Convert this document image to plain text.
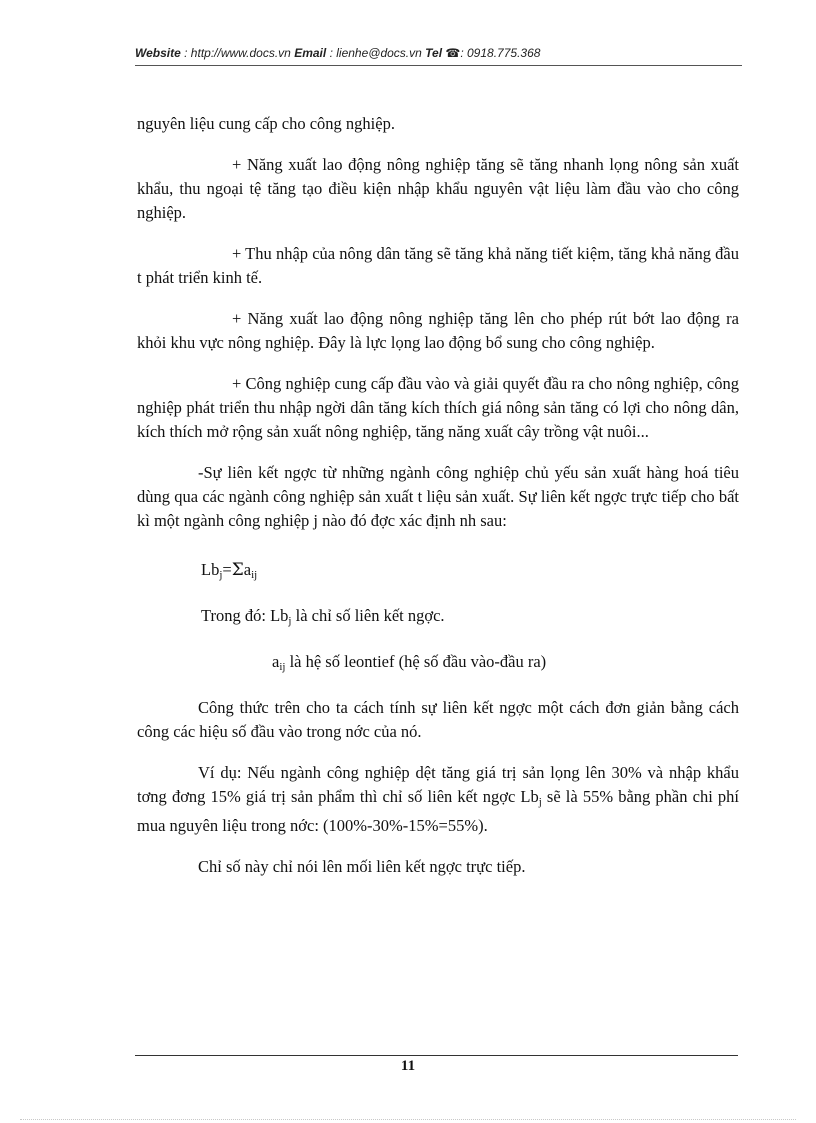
Website : http://www.docs.vn Email : lienhe@docs.vn Tel ☎: 0918.775.368

nguyên liệu cung cấp cho công nghiệp.

+ Năng xuất lao động nông nghiệp tăng sẽ tăng nhanh lọng nông sản xuất khẩu, thu ngoại tệ tăng tạo điều kiện nhập khẩu nguyên vật liệu làm đầu vào cho công nghiệp.

+ Thu nhập của nông dân tăng sẽ tăng khả năng tiết kiệm, tăng khả năng đầu t phát triển kinh tế.

+ Năng xuất lao động nông nghiệp tăng lên cho phép rút bớt lao động ra khỏi khu vực nông nghiệp. Đây là lực lọng lao động bổ sung cho công nghiệp.

+ Công nghiệp cung cấp đầu vào và giải quyết đầu ra cho nông nghiệp, công nghiệp phát triển thu nhập ngời dân tăng kích thích giá nông sản tăng có lợi cho nông dân, kích thích mở rộng sản xuất nông nghiệp, tăng năng xuất cây trồng vật nuôi...

-Sự liên kết ngợc từ những ngành công nghiệp chủ yếu sản xuất hàng hoá tiêu dùng qua các ngành công nghiệp sản xuất t liệu sản xuất. Sự liên kết ngợc trực tiếp cho bất kì một ngành công nghiệp j nào đó đợc xác định nh sau:

$Lb_j=\Sigma a_{ij}$

Trong đó: $Lb_j$ là chỉ số liên kết ngợc.

$a_{ij}$ là hệ số leontief (hệ số đầu vào-đầu ra)

Công thức trên cho ta cách tính sự liên kết ngợc một cách đơn giản bằng cách công các hiệu số đầu vào trong nớc của nó.

Ví dụ: Nếu ngành công nghiệp dệt tăng giá trị sản lọng lên 30% và nhập khẩu tơng đơng 15% giá trị sản phẩm thì chỉ số liên kết ngợc $Lb_j$ sẽ là 55% bằng phần chi phí mua nguyên liệu trong nớc: (100%-30%-15%=55%).

Chỉ số này chỉ nói lên mối liên kết ngợc trực tiếp.

11
